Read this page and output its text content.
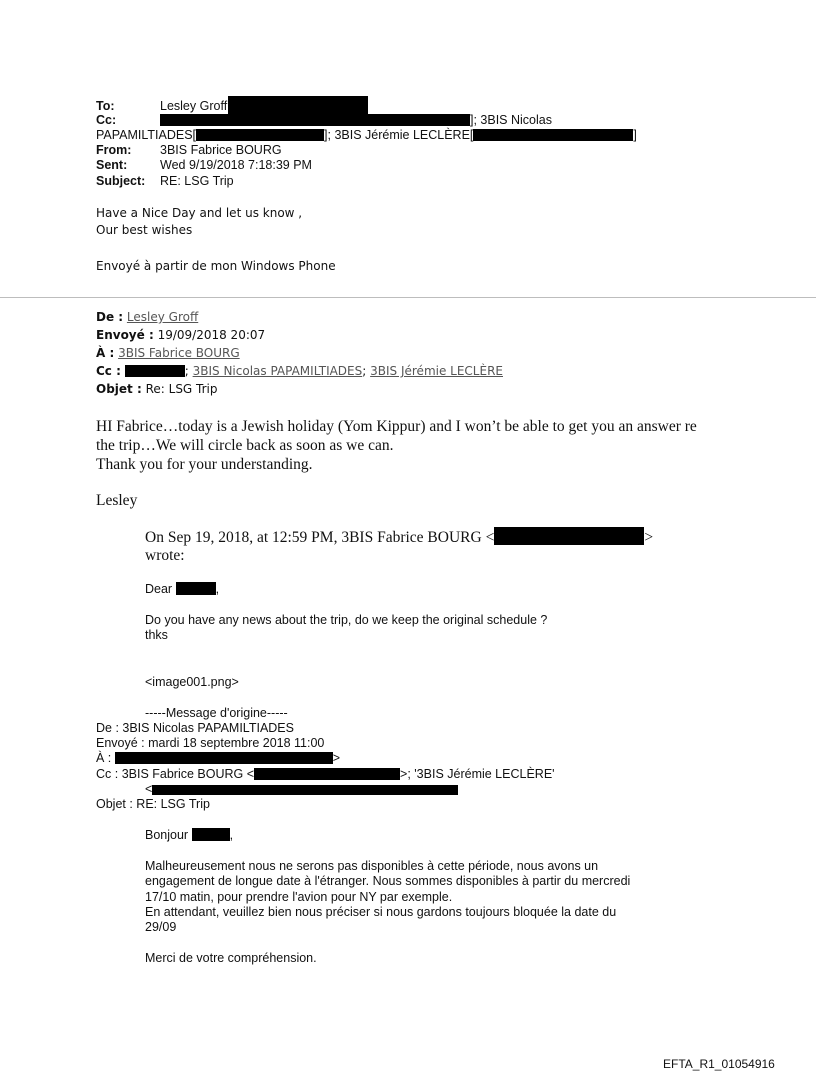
To:	Lesley Groff
Cc:	]; 3BIS Nicolas
PAPAMILTIADES[	]; 3BIS Jérémie LECLÈRE[	]
From: 3BIS Fabrice BOURG
Sent:	Wed 9/19/2018 7:18:39 PM
Subject: RE: LSG Trip
Have a Nice Day and let us know ,
Our best wishes
Envoyé à partir de mon Windows Phone
De : Lesley Groff
Envoyé : 19/09/2018 20:07
À : 3BIS Fabrice BOURG
Cc :	; 3BIS Nicolas PAPAMILTIADES; 3BIS Jérémie LECLÈRE
Objet : Re: LSG Trip
HI Fabrice…today is a Jewish holiday (Yom Kippur) and I won’t be able to get you an answer re
the trip…We will circle back as soon as we can.
Thank you for your understanding.
Lesley
On Sep 19, 2018, at 12:59 PM, 3BIS Fabrice BOURG <	>
wrote:
Dear	,
Do you have any news about the trip, do we keep the original schedule ?
thks
<image001.png>
-----Message d'origine-----
De : 3BIS Nicolas PAPAMILTIADES
Envoyé : mardi 18 septembre 2018 11:00
À :	>
Cc : 3BIS Fabrice BOURG <	>; '3BIS Jérémie LECLÈRE'
<
Objet : RE: LSG Trip
Bonjour	,
Malheureusement nous ne serons pas disponibles à cette période, nous avons un
engagement de longue date à l'étranger. Nous sommes disponibles à partir du mercredi
17/10 matin, pour prendre l'avion pour NY par exemple.
En attendant, veuillez bien nous préciser si nous gardons toujours bloquée la date du
29/09
Merci de votre compréhension.
EFTA_R1_01054916
